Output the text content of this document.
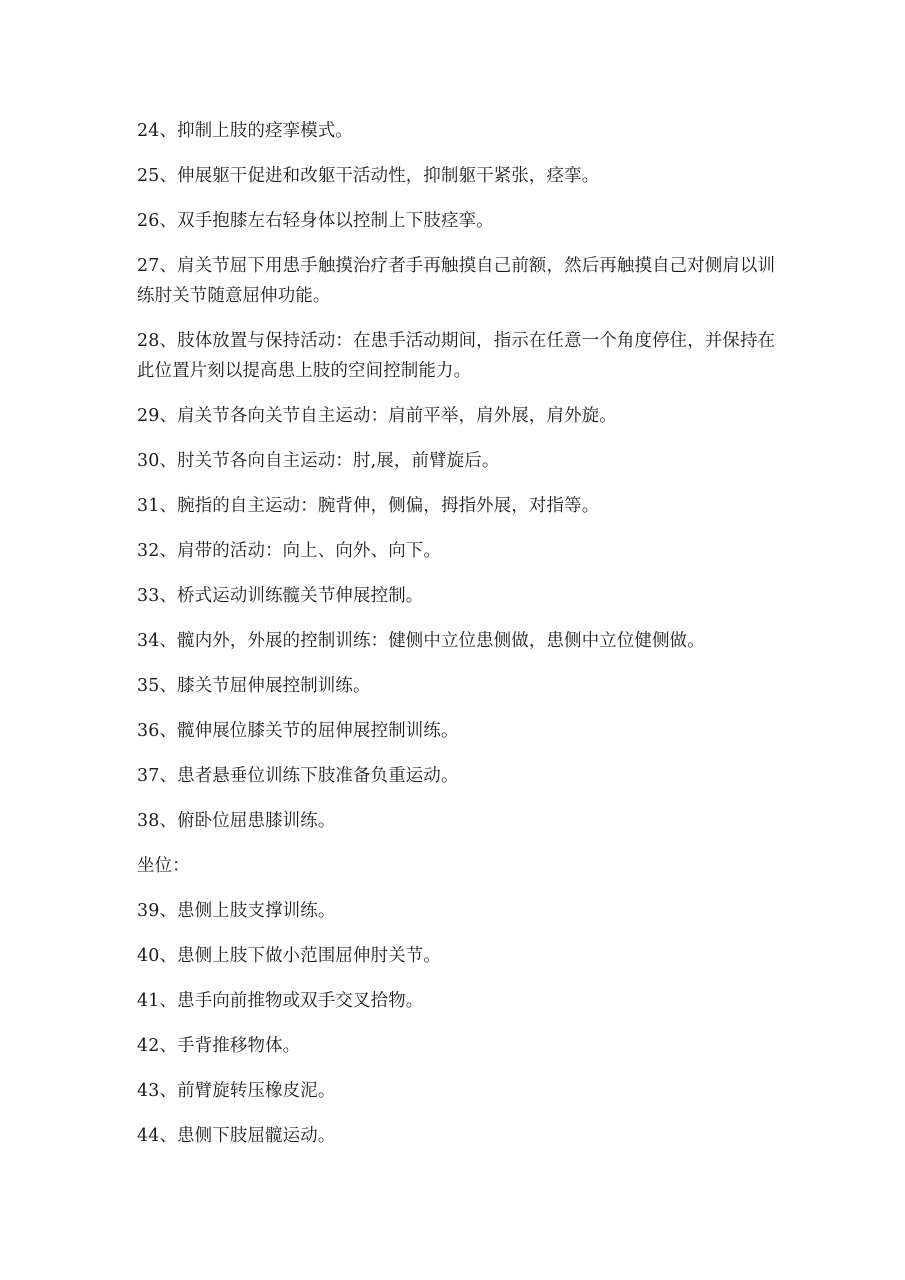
24、抑制上肢的痉挛模式。

25、伸展躯干促进和改躯干活动性，抑制躯干紧张，痉挛。

26、双手抱膝左右轻身体以控制上下肢痉挛。

27、肩关节屈下用患手触摸治疗者手再触摸自己前额，然后再触摸自己对侧肩以训练肘关节随意屈伸功能。

28、肢体放置与保持活动：在患手活动期间，指示在任意一个角度停住，并保持在此位置片刻以提高患上肢的空间控制能力。

29、肩关节各向关节自主运动：肩前平举，肩外展，肩外旋。

30、肘关节各向自主运动：肘,展，前臂旋后。

31、腕指的自主运动：腕背伸，侧偏，拇指外展，对指等。

32、肩带的活动：向上、向外、向下。

33、桥式运动训练髋关节伸展控制。

34、髋内外，外展的控制训练：健侧中立位患侧做，患侧中立位健侧做。

35、膝关节屈伸展控制训练。

36、髋伸展位膝关节的屈伸展控制训练。

37、患者悬垂位训练下肢准备负重运动。

38、俯卧位屈患膝训练。

坐位：

39、患侧上肢支撑训练。

40、患侧上肢下做小范围屈伸肘关节。

41、患手向前推物或双手交叉拾物。

42、手背推移物体。

43、前臂旋转压橡皮泥。

44、患侧下肢屈髋运动。
